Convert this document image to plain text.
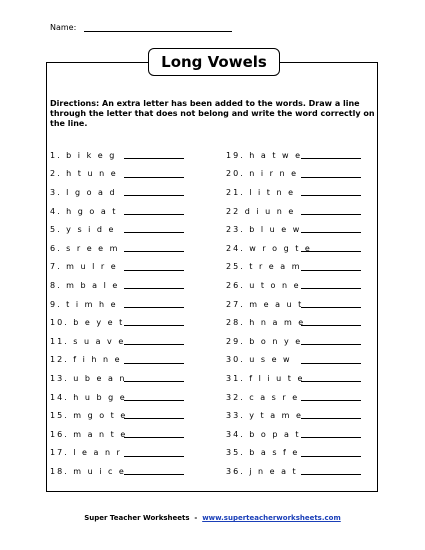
Name:
Long Vowels
Directions: An extra letter has been added to the words. Draw a line through the letter that does not belong and write the word correctly on the line.
1. b i k e g
2. h t u n e
3. l g o a d
4. h g o a t
5. y s i d e
6. s r e e m
7. m u l r e
8. m b a l e
9. t i m h e
10. b e y e t
11. s u a v e
12. f i h n e
13. u b e a n
14. h u b g e
15. m g o t e
16. m a n t e
17. l e a n r
18. m u i c e
19. h a t w e
20. n i r n e
21. l i t n e
22 d i u n e
23. b l u e w
24. w r o g t e
25. t r e a m
26. u t o n e
27. m e a u t
28. h n a m e
29. b o n y e
30. u s e w
31. f l i u t e
32. c a s r e
33. y t a m e
34. b o p a t
35. b a s f e
36. j n e a t
Super Teacher Worksheets - www.superteacherworksheets.com
